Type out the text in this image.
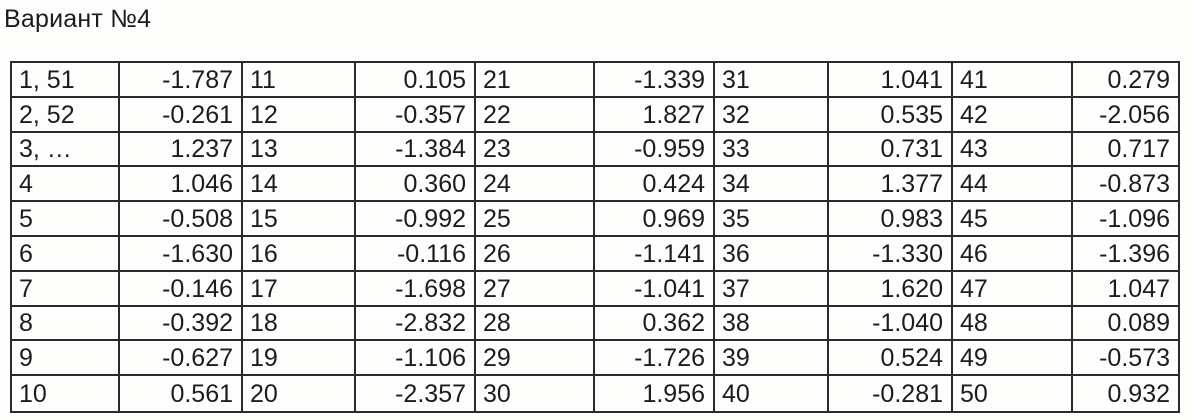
Вариант №4
1, 51	-1.787 11	0.105 21	-1.339 31	1.041 41	0.279
2, 52	-0.261 12	-0.357 22	1.827 32	0.535 42	-2.056
3, …	1.237 13	-1.384 23	-0.959 33	0.731 43	0.717
4	1.046 14	0.360 24	0.424 34	1.377 44	-0.873
5	-0.508 15	-0.992 25	0.969 35	0.983 45	-1.096
6	-1.630 16	-0.116 26	-1.141 36	-1.330 46	-1.396
7	-0.146 17	-1.698 27	-1.041 37	1.620 47	1.047
8	-0.392 18	-2.832 28	0.362 38	-1.040 48	0.089
9	-0.627 19	-1.106 29	-1.726 39	0.524 49	-0.573
10	0.561 20	-2.357 30	1.956 40	-0.281 50	0.932
